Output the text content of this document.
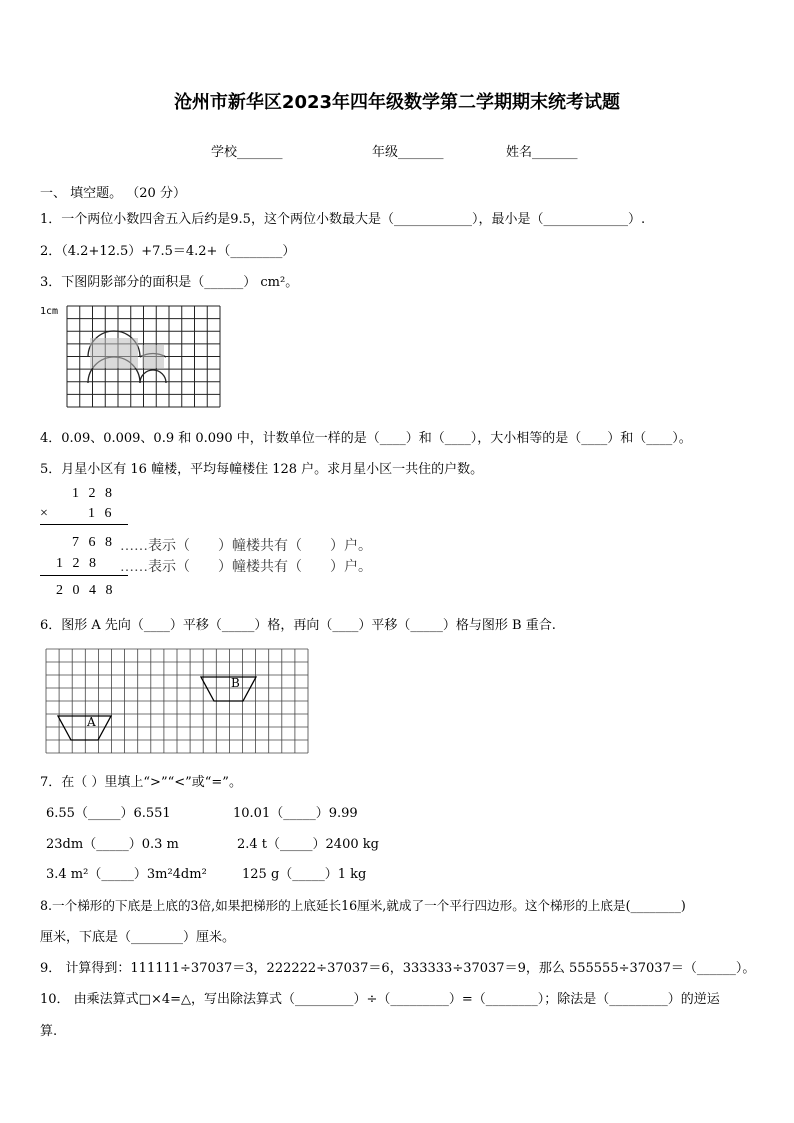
沧州市新华区2023年四年级数学第二学期期末统考试题
学校_______	年级_______	姓名_______
一、 填空题。 （20 分）
1．一个两位小数四舍五入后约是9.5，这个两位小数最大是（____________），最小是（_____________）.
2．（4.2+12.5）+7.5＝4.2+（________）
3．下图阴影部分的面积是（______） cm²。
1cm
4．0.09、0.009、0.9 和 0.090 中，计数单位一样的是（____）和（____），大小相等的是（____）和（____）。
5．月星小区有 16 幢楼，平均每幢楼住 128 户。求月星小区一共住的户数。
1 2 8
×	1 6
7 6 8 ……表示（　　）幢楼共有（　　）户。
1 2 8 ……表示（　　）幢楼共有（　　）户。
2 0 4 8
6．图形 A 先向（____）平移（_____）格，再向（____）平移（_____）格与图形 B 重合.
B
A
7．在（ ）里填上“>”“<”或“=”。
6.55（_____）6.551	10.01（_____）9.99
23dm（_____）0.3 m	2.4 t（_____）2400 kg
3.4 m²（_____）3m²4dm²	125 g（_____）1 kg
8.一个梯形的下底是上底的3倍,如果把梯形的上底延长16厘米,就成了一个平行四边形。这个梯形的上底是(________)
厘米，下底是（________）厘米。
9． 计算得到：111111÷37037＝3，222222÷37037＝6，333333÷37037＝9，那么 555555÷37037＝（______）。
10． 由乘法算式□×4=△，写出除法算式（_________）÷（_________）=（________）；除法是（_________）的逆运
算.
